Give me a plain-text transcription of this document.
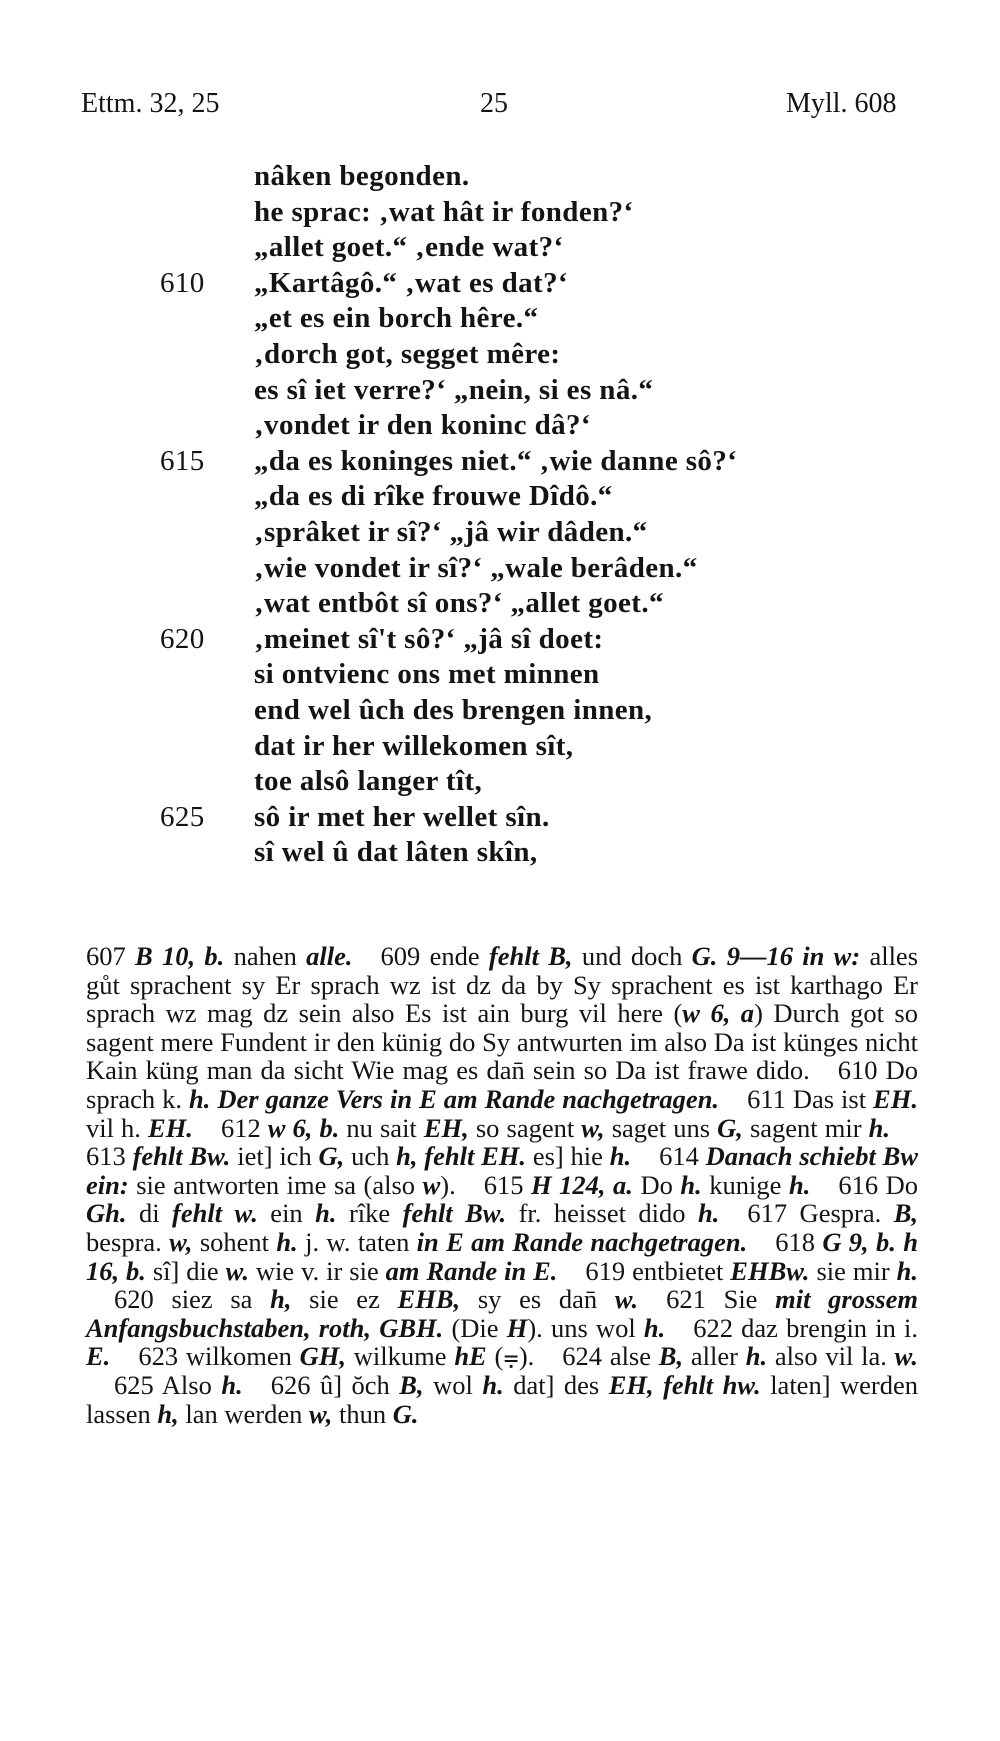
Ettm. 32, 25	25	Myll. 608
nâken begonden.
he sprac: ‚wat hât ir fonden?‘
„allet goet.“ ‚ende wat?‘
610	„Kartâgô.“ ‚wat es dat?‘
„et es ein borch hêre.“
‚dorch got, segget mêre:
es sî iet verre?‘ „nein, si es nâ.“
‚vondet ir den koninc dâ?‘
615	„da es koninges niet.“ ‚wie danne sô?‘
„da es di rîke frouwe Dîdô.“
‚sprâket ir sî?‘ „jâ wir dâden.“
‚wie vondet ir sî?‘ „wale berâden.“
‚wat entbôt sî ons?‘ „allet goet.“
620	‚meinet sî't sô?‘ „jâ sî doet:
si ontvienc ons met minnen
end wel ûch des brengen innen,
dat ir her willekomen sît,
toe alsô langer tît,
625	sô ir met her wellet sîn.
sî wel û dat lâten skîn,

607 B 10, b. nahen alle. 609 ende fehlt B, und doch G. 9—16 in w: alles gůt sprachent sy Er sprach wz ist dz da by Sy sprachent es ist karthago Er sprach wz mag dz sein also Es ist ain burg vil here (w 6, a) Durch got so sagent mere Fundent ir den künig do Sy antwurten im also Da ist künges nicht Kain küng man da sicht Wie mag es dan̄ sein so Da ist frawe dido. 610 Do sprach k. h. Der ganze Vers in E am Rande nachgetragen. 611 Das ist EH. vil h. EH. 612 w 6, b. nu sait EH, so sagent w, saget uns G, sagent mir h.613 fehlt Bw. iet] ich G, uch h, fehlt EH. es] hie h. 614 Danach schiebt Bw ein: sie antworten ime sa (also w). 615 H 124, a. Do h. kunige h. 616 Do Gh. di fehlt w. ein h. rîke fehlt Bw. fr. heisset dido h. 617 Gespra. B, bespra. w, sohent h. j. w. taten in E am Rande nachgetragen. 618 G 9, b. h 16, b. sî] die w. wie v. ir sie am Rande in E. 619 entbietet EHBw. sie mir h.620 siez sa h, sie ez EHB, sy es dan̄ w. 621 Sie mit grossem Anfangsbuchstaben, roth, GBH. (Die H). uns wol h. 622 daz brengin in i. E. 623 wilkomen GH, wilkume hE (⩦). 624 alse B, aller h. also vil la. w.625 Also h. 626 û] ŏch B, wol h. dat] des EH, fehlt hw. laten] werden lassen h, lan werden w, thun G.
